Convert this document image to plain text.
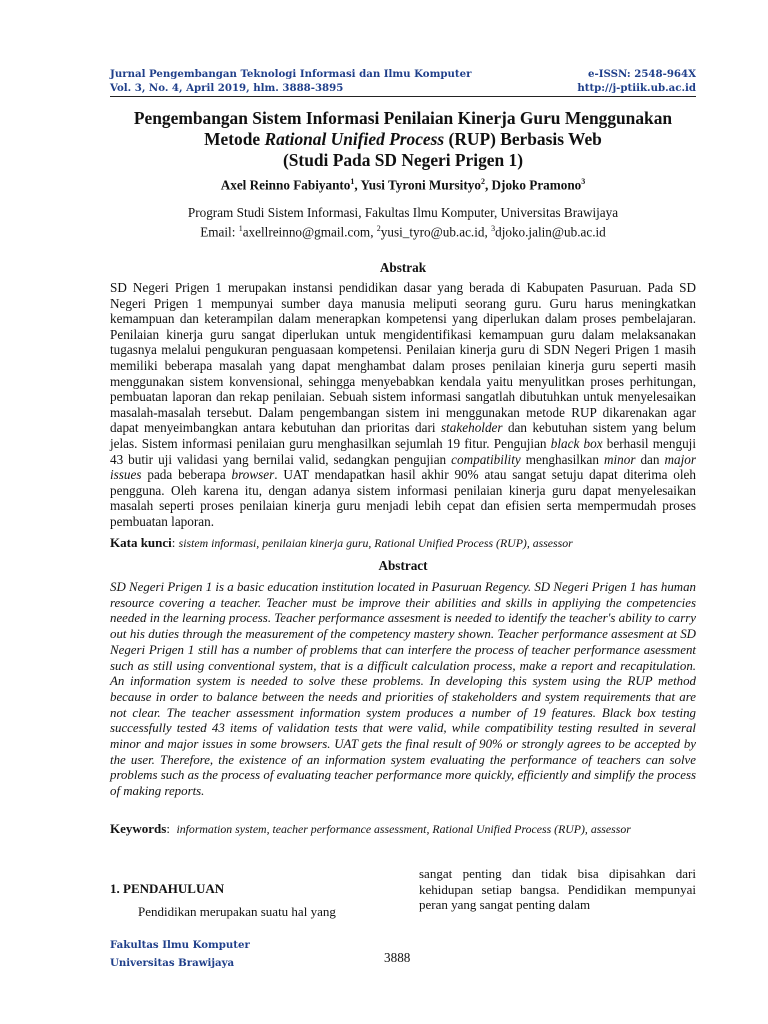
Jurnal Pengembangan Teknologi Informasi dan Ilmu Komputer	e-ISSN: 2548-964X
Vol. 3, No. 4, April 2019, hlm. 3888-3895	http://j-ptiik.ub.ac.id
Pengembangan Sistem Informasi Penilaian Kinerja Guru Menggunakan
Metode Rational Unified Process (RUP) Berbasis Web
(Studi Pada SD Negeri Prigen 1)
Axel Reinno Fabiyanto$^1$, Yusi Tyroni Mursityo$^2$, Djoko Pramono$^3$
Program Studi Sistem Informasi, Fakultas Ilmu Komputer, Universitas Brawijaya
Email: $^1$axellreinno@gmail.com, $^2$yusi_tyro@ub.ac.id, $^3$djoko.jalin@ub.ac.id
Abstrak

SD Negeri Prigen 1 merupakan instansi pendidikan dasar yang berada di Kabupaten Pasuruan. Pada SD Negeri Prigen 1 mempunyai sumber daya manusia meliputi seorang guru. Guru harus meningkatkan kemampuan dan keterampilan dalam menerapkan kompetensi yang diperlukan dalam proses pembelajaran. Penilaian kinerja guru sangat diperlukan untuk mengidentifikasi kemampuan guru dalam melaksanakan tugasnya melalui pengukuran penguasaan kompetensi. Penilaian kinerja guru di SDN Negeri Prigen 1 masih memiliki beberapa masalah yang dapat menghambat dalam proses penilaian kinerja guru seperti masih menggunakan sistem konvensional, sehingga menyebabkan kendala yaitu menyulitkan proses perhitungan, pembuatan laporan dan rekap penilaian. Sebuah sistem informasi sangatlah dibutuhkan untuk menyelesaikan masalah-masalah tersebut. Dalam pengembangan sistem ini menggunakan metode RUP dikarenakan agar dapat menyeimbangkan antara kebutuhan dan prioritas dari stakeholder dan kebutuhan sistem yang belum jelas. Sistem informasi penilaian guru menghasilkan sejumlah 19 fitur. Pengujian black box berhasil menguji 43 butir uji validasi yang bernilai valid, sedangkan pengujian compatibility menghasilkan minor dan major issues pada beberapa browser. UAT mendapatkan hasil akhir 90% atau sangat setuju dapat diterima oleh pengguna. Oleh karena itu, dengan adanya sistem informasi penilaian kinerja guru dapat menyelesaikan masalah seperti proses penilaian kinerja guru menjadi lebih cepat dan efisien serta mempermudah proses pembuatan laporan.

Kata kunci: sistem informasi, penilaian kinerja guru, Rational Unified Process (RUP), assessor
Abstract

SD Negeri Prigen 1 is a basic education institution located in Pasuruan Regency. SD Negeri Prigen 1 has human resource covering a teacher. Teacher must be improve their abilities and skills in appliying the competencies needed in the learning process. Teacher performance assesment is needed to identify the teacher's ability to carry out his duties through the measurement of the competency mastery shown. Teacher performance assesment at SD Negeri Prigen 1 still has a number of problems that can interfere the process of teacher performance asessment such as still using conventional system, that is a difficult calculation process, make a report and recapitulation. An information system is needed to solve these problems. In developing this system using the RUP method because in order to balance between the needs and priorities of stakeholders and system requirements that are not clear. The teacher assessment information system produces a number of 19 features. Black box testing successfully tested 43 items of validation tests that were valid, while compatibility testing resulted in several minor and major issues in some browsers. UAT gets the final result of 90% or strongly agrees to be accepted by the user. Therefore, the existence of an information system evaluating the performance of teachers can solve problems such as the process of evaluating teacher performance more quickly, efficiently and simplify the process of making reports.

Keywords:  information system, teacher performance assessment, Rational Unified Process (RUP), assessor
1. PENDAHULUAN
Pendidikan merupakan suatu hal yang
sangat penting dan tidak bisa dipisahkan dari kehidupan setiap bangsa. Pendidikan mempunyai peran yang sangat penting dalam
Fakultas Ilmu Komputer
Universitas Brawijaya	3888
